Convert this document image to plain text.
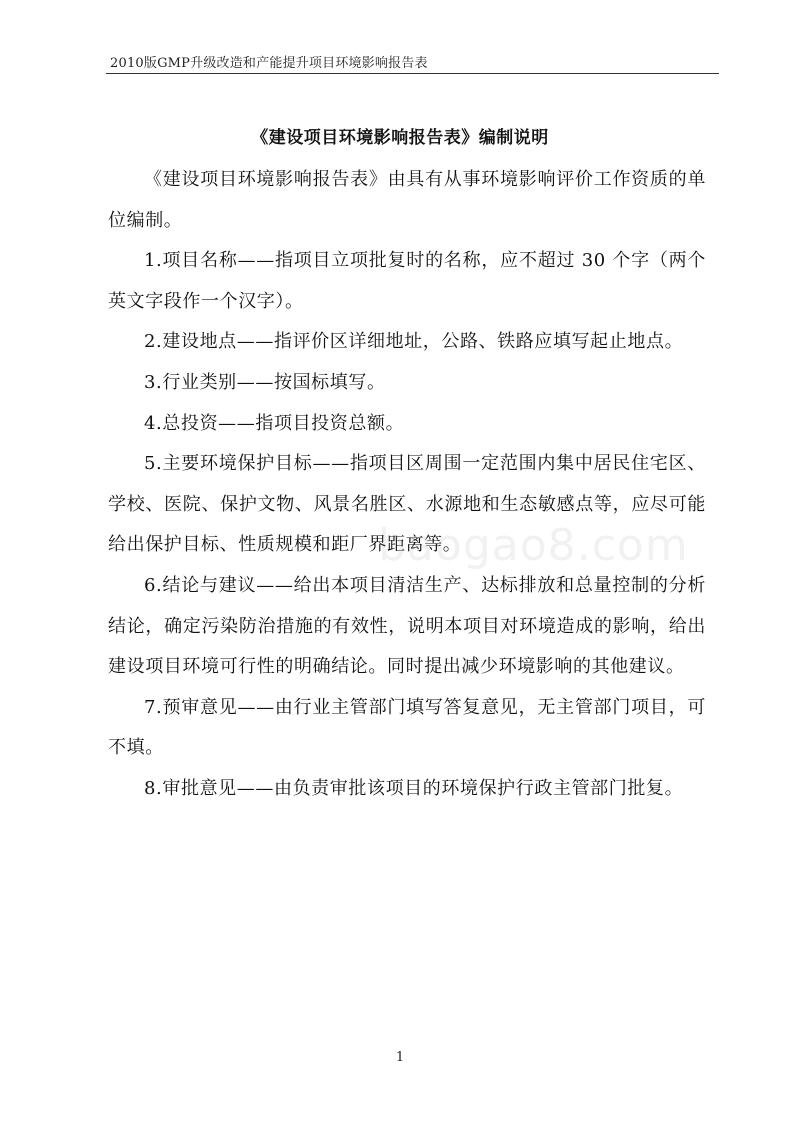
2010版GMP升级改造和产能提升项目环境影响报告表
《建设项目环境影响报告表》编制说明

《建设项目环境影响报告表》由具有从事环境影响评价工作资质的单位编制。

1.项目名称——指项目立项批复时的名称，应不超过 30 个字（两个英文字段作一个汉字）。

2.建设地点——指评价区详细地址，公路、铁路应填写起止地点。

3.行业类别——按国标填写。

4.总投资——指项目投资总额。

5.主要环境保护目标——指项目区周围一定范围内集中居民住宅区、学校、医院、保护文物、风景名胜区、水源地和生态敏感点等，应尽可能给出保护目标、性质规模和距厂界距离等。

6.结论与建议——给出本项目清洁生产、达标排放和总量控制的分析结论，确定污染防治措施的有效性，说明本项目对环境造成的影响，给出建设项目环境可行性的明确结论。同时提出减少环境影响的其他建议。

7.预审意见——由行业主管部门填写答复意见，无主管部门项目，可不填。

8.审批意见——由负责审批该项目的环境保护行政主管部门批复。

baogao8.com
1
